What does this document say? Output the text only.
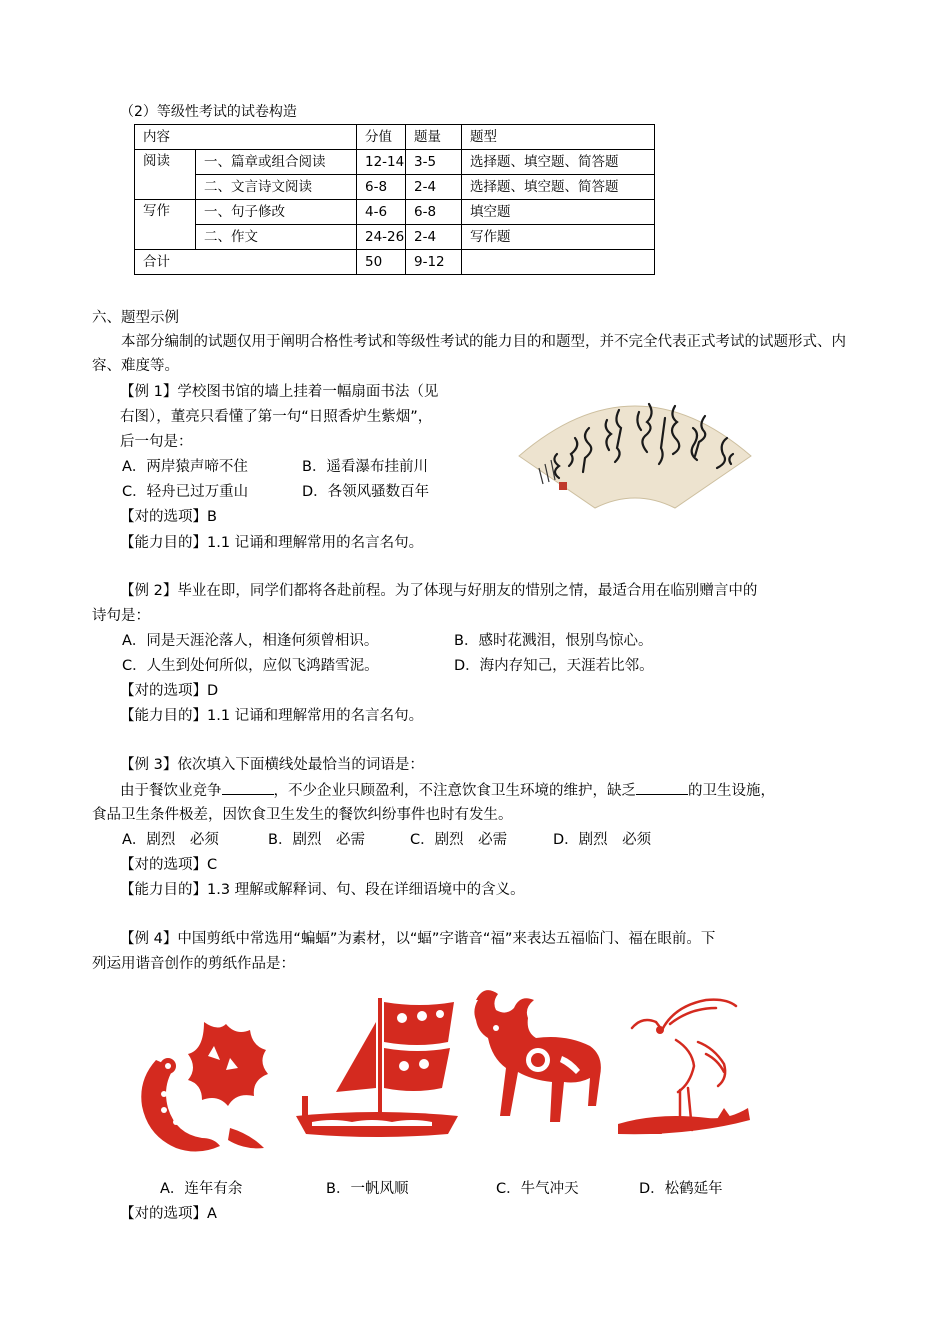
（2）等级性考试的试卷构造
内容		分值	题量	题型
阅读	一、篇章或组合阅读	12-14	3-5	选择题、填空题、简答题
	二、文言诗文阅读	6-8	2-4	选择题、填空题、简答题
写作	一、句子修改	4-6	6-8	填空题
	二、作文	24-26	2-4	写作题
合计		50	9-12	
六、题型示例
本部分编制的试题仅用于阐明合格性考试和等级性考试的能力目的和题型，并不完全代表正式考试的试题形式、内容、难度等。
【例 1】学校图书馆的墙上挂着一幅扇面书法（见
右图），董亮只看懂了第一句“日照香炉生紫烟”，
后一句是：
A．两岸猿声啼不住	B．遥看瀑布挂前川
C．轻舟已过万重山	D．各领风骚数百年
【对的选项】B
【能力目的】1.1 记诵和理解常用的名言名句。
【例 2】毕业在即，同学们都将各赴前程。为了体现与好朋友的惜别之情，最适合用在临别赠言中的
诗句是：
A．同是天涯沦落人，相逢何须曾相识。	B．感时花溅泪，恨别鸟惊心。
C．人生到处何所似，应似飞鸿踏雪泥。	D．海内存知己，天涯若比邻。
【对的选项】D
【能力目的】1.1 记诵和理解常用的名言名句。
【例 3】依次填入下面横线处最恰当的词语是：
由于餐饮业竞争	，不少企业只顾盈利，不注意饮食卫生环境的维护，缺乏	的卫生设施，
食品卫生条件极差，因饮食卫生发生的餐饮纠纷事件也时有发生。
A．剧烈　必须	B．剧烈　必需	C．剧烈　必需	D．剧烈　必须
【对的选项】C
【能力目的】1.3 理解或解释词、句、段在详细语境中的含义。
【例 4】中国剪纸中常选用“蝙蝠”为素材，以“蝠”字谐音“福”来表达五福临门、福在眼前。下
列运用谐音创作的剪纸作品是：
A．连年有余	B．一帆风顺	C．牛气冲天	D．松鹤延年
【对的选项】A
